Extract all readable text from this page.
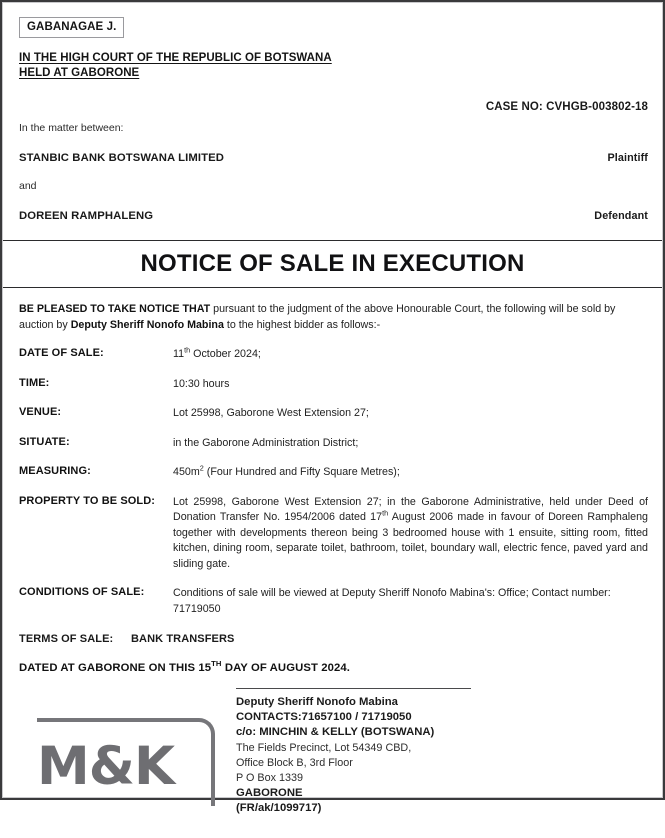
GABANAGAE J.
IN THE HIGH COURT OF THE REPUBLIC OF BOTSWANA
HELD AT GABORONE
CASE NO: CVHGB-003802-18
In the matter between:
STANBIC BANK BOTSWANA LIMITED	Plaintiff
and
DOREEN RAMPHALENG	Defendant
NOTICE OF SALE IN EXECUTION
BE PLEASED TO TAKE NOTICE THAT pursuant to the judgment of the above Honourable Court, the following will be sold by auction by Deputy Sheriff Nonofo Mabina to the highest bidder as follows:-
DATE OF SALE:	11th October 2024;
TIME:	10:30 hours
VENUE:	Lot 25998, Gaborone West Extension 27;
SITUATE:	in the Gaborone Administration District;
MEASURING:	$450m^2$ (Four Hundred and Fifty Square Metres);
PROPERTY TO BE SOLD:	Lot 25998, Gaborone West Extension 27; in the Gaborone Administrative, held under Deed of Donation Transfer No. 1954/2006 dated 17th August 2006 made in favour of Doreen Ramphaleng together with developments thereon being 3 bedroomed house with 1 ensuite, sitting room, fitted kitchen, dining room, separate toilet, bathroom, toilet, boundary wall, electric fence, paved yard and sliding gate.
CONDITIONS OF SALE:	Conditions of sale will be viewed at Deputy Sheriff Nonofo Mabina's: Office; Contact number: 71719050
TERMS OF SALE:	BANK TRANSFERS
DATED AT GABORONE ON THIS 15TH DAY OF AUGUST 2024.
Deputy Sheriff Nonofo Mabina
CONTACTS:71657100 / 71719050
c/o: MINCHIN & KELLY (BOTSWANA)
The Fields Precinct, Lot 54349 CBD,
Office Block B, 3rd Floor
P O Box 1339
GABORONE
(FR/ak/1099717)
M&K
